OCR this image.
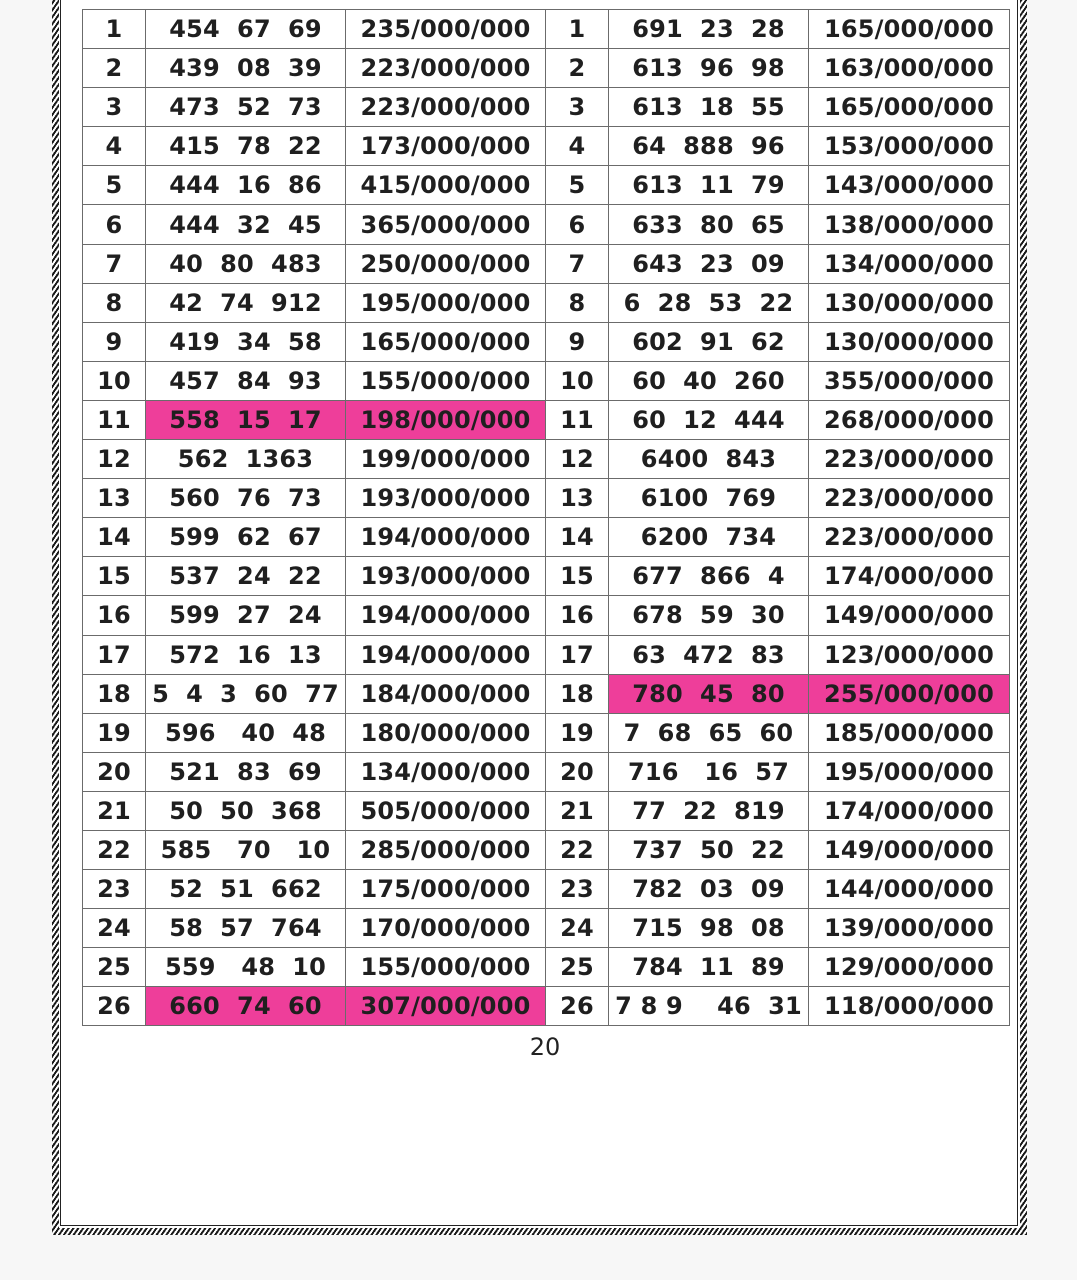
1	454  67  69	235/000/000	1	691  23  28	165/000/000
2	439  08  39	223/000/000	2	613  96  98	163/000/000
3	473  52  73	223/000/000	3	613  18  55	165/000/000
4	415  78  22	173/000/000	4	64  888  96	153/000/000
5	444  16  86	415/000/000	5	613  11  79	143/000/000
6	444  32  45	365/000/000	6	633  80  65	138/000/000
7	40  80  483	250/000/000	7	643  23  09	134/000/000
8	42  74  912	195/000/000	8	6  28  53  22	130/000/000
9	419  34  58	165/000/000	9	602  91  62	130/000/000
10	457  84  93	155/000/000	10	60  40  260	355/000/000
11	558  15  17	198/000/000	11	60  12  444	268/000/000
12	562  1363	199/000/000	12	6400  843	223/000/000
13	560  76  73	193/000/000	13	6100  769	223/000/000
14	599  62  67	194/000/000	14	6200  734	223/000/000
15	537  24  22	193/000/000	15	677  866  4	174/000/000
16	599  27  24	194/000/000	16	678  59  30	149/000/000
17	572  16  13	194/000/000	17	63  472  83	123/000/000
18	5  4  3  60  77	184/000/000	18	780  45  80	255/000/000
19	596   40  48	180/000/000	19	7  68  65  60	185/000/000
20	521  83  69	134/000/000	20	716   16  57	195/000/000
21	50  50  368	505/000/000	21	77  22  819	174/000/000
22	585   70   10	285/000/000	22	737  50  22	149/000/000
23	52  51  662	175/000/000	23	782  03  09	144/000/000
24	58  57  764	170/000/000	24	715  98  08	139/000/000
25	559   48  10	155/000/000	25	784  11  89	129/000/000
26	660  74  60	307/000/000	26	7 8 9    46  31	118/000/000
20
